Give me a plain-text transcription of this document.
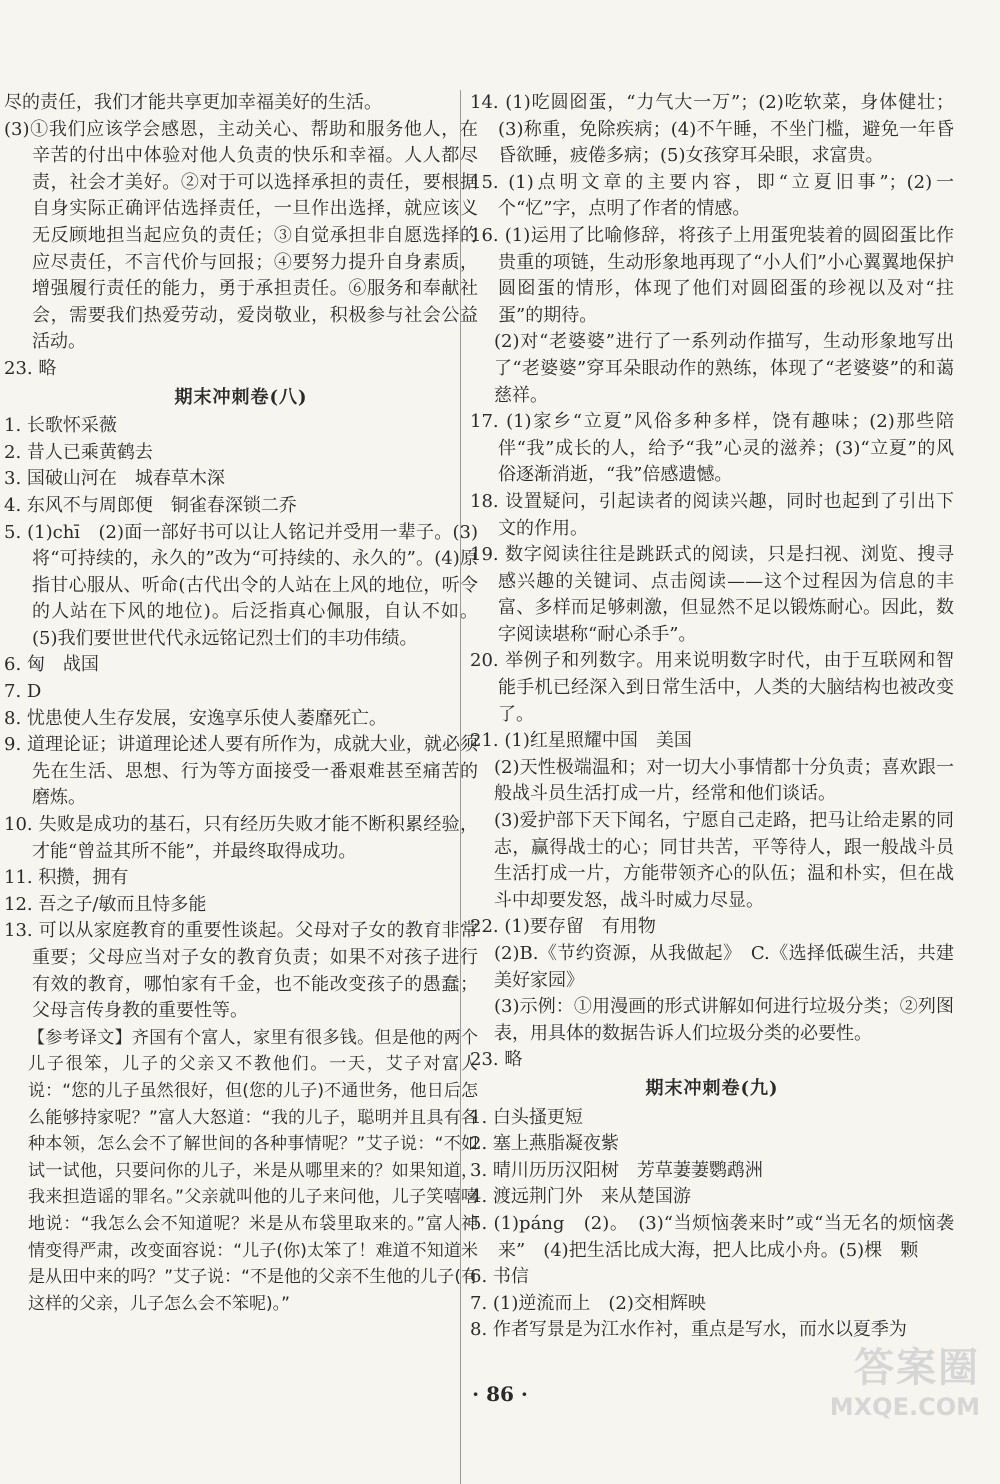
尽的责任，我们才能共享更加幸福美好的生活。

(3)①我们应该学会感恩，主动关心、帮助和服务他人，在辛苦的付出中体验对他人负责的快乐和幸福。人人都尽责，社会才美好。②对于可以选择承担的责任，要根据自身实际正确评估选择责任，一旦作出选择，就应该义无反顾地担当起应负的责任；③自觉承担非自愿选择的应尽责任，不言代价与回报；④要努力提升自身素质，增强履行责任的能力，勇于承担责任。⑥服务和奉献社会，需要我们热爱劳动，爱岗敬业，积极参与社会公益活动。

23. 略

期末冲刺卷(八)

1. 长歌怀采薇

2. 昔人已乘黄鹤去

3. 国破山河在　城春草木深

4. 东风不与周郎便　铜雀春深锁二乔

5. (1)chī　(2)面一部好书可以让人铭记并受用一辈子。(3)将“可持续的，永久的”改为“可持续的、永久的”。(4)原指甘心服从、听命(古代出令的人站在上风的地位，听令的人站在下风的地位)。后泛指真心佩服，自认不如。(5)我们要世世代代永远铭记烈士们的丰功伟绩。

6. 匈　战国

7. D

8. 忧患使人生存发展，安逸享乐使人萎靡死亡。

9. 道理论证；讲道理论述人要有所作为，成就大业，就必须先在生活、思想、行为等方面接受一番艰难甚至痛苦的磨炼。

10. 失败是成功的基石，只有经历失败才能不断积累经验，才能“曾益其所不能”，并最终取得成功。

11. 积攒，拥有

12. 吾之子/敏而且恃多能

13. 可以从家庭教育的重要性谈起。父母对子女的教育非常重要；父母应当对子女的教育负责；如果不对孩子进行有效的教育，哪怕家有千金，也不能改变孩子的愚蠢；父母言传身教的重要性等。

【参考译文】齐国有个富人，家里有很多钱。但是他的两个儿子很笨，儿子的父亲又不教他们。一天，艾子对富人说：“您的儿子虽然很好，但(您的儿子)不通世务，他日后怎么能够持家呢？”富人大怒道：“我的儿子，聪明并且具有各种本领，怎么会不了解世间的各种事情呢？”艾子说：“不如试一试他，只要问你的儿子，米是从哪里来的？如果知道，我来担造谣的罪名。”父亲就叫他的儿子来问他，儿子笑嘻嘻地说：“我怎么会不知道呢？米是从布袋里取来的。”富人神情变得严肃，改变面容说：“儿子(你)太笨了！难道不知道米是从田中来的吗？”艾子说：“不是他的父亲不生他的儿子(有这样的父亲，儿子怎么会不笨呢)。”

14. (1)吃圆囵蛋，“力气大一万”；(2)吃软菜，身体健壮；(3)称重，免除疾病；(4)不午睡，不坐门槛，避免一年昏昏欲睡，疲倦多病；(5)女孩穿耳朵眼，求富贵。

15. (1)点明文章的主要内容，即“立夏旧事”；(2)一个“忆”字，点明了作者的情感。

16. (1)运用了比喻修辞，将孩子上用蛋兜装着的圆囵蛋比作贵重的项链，生动形象地再现了“小人们”小心翼翼地保护圆囵蛋的情形，体现了他们对圆囵蛋的珍视以及对“拄蛋”的期待。

(2)对“老婆婆”进行了一系列动作描写，生动形象地写出了“老婆婆”穿耳朵眼动作的熟练，体现了“老婆婆”的和蔼慈祥。

17. (1)家乡“立夏”风俗多种多样，饶有趣味；(2)那些陪伴“我”成长的人，给予“我”心灵的滋养；(3)“立夏”的风俗逐渐消逝，“我”倍感遗憾。

18. 设置疑问，引起读者的阅读兴趣，同时也起到了引出下文的作用。

19. 数字阅读往往是跳跃式的阅读，只是扫视、浏览、搜寻感兴趣的关键词、点击阅读——这个过程因为信息的丰富、多样而足够刺激，但显然不足以锻炼耐心。因此，数字阅读堪称“耐心杀手”。

20. 举例子和列数字。用来说明数字时代，由于互联网和智能手机已经深入到日常生活中，人类的大脑结构也被改变了。

21. (1)红星照耀中国　美国

(2)天性极端温和；对一切大小事情都十分负责；喜欢跟一般战斗员生活打成一片，经常和他们谈话。

(3)爱护部下天下闻名，宁愿自己走路，把马让给走累的同志，赢得战士的心；同甘共苦，平等待人，跟一般战斗员生活打成一片，方能带领齐心的队伍；温和朴实，但在战斗中却要发怒，战斗时威力尽显。

22. (1)要存留　有用物

(2)B.《节约资源，从我做起》　C.《选择低碳生活，共建美好家园》

(3)示例：①用漫画的形式讲解如何进行垃圾分类；②列图表，用具体的数据告诉人们垃圾分类的必要性。

23. 略

期末冲刺卷(九)

1. 白头搔更短

2. 塞上燕脂凝夜紫

3. 晴川历历汉阳树　芳草萋萋鹦鹉洲

4. 渡远荆门外　来从楚国游

5. (1)páng　(2)。　(3)“当烦恼袭来时”或“当无名的烦恼袭来”　(4)把生活比成大海，把人比成小舟。(5)棵　颗

6. 书信

7. (1)逆流而上　(2)交相辉映

8. 作者写景是为江水作衬，重点是写水，而水以夏季为

· 86 ·
答案圈
MXQE.COM
